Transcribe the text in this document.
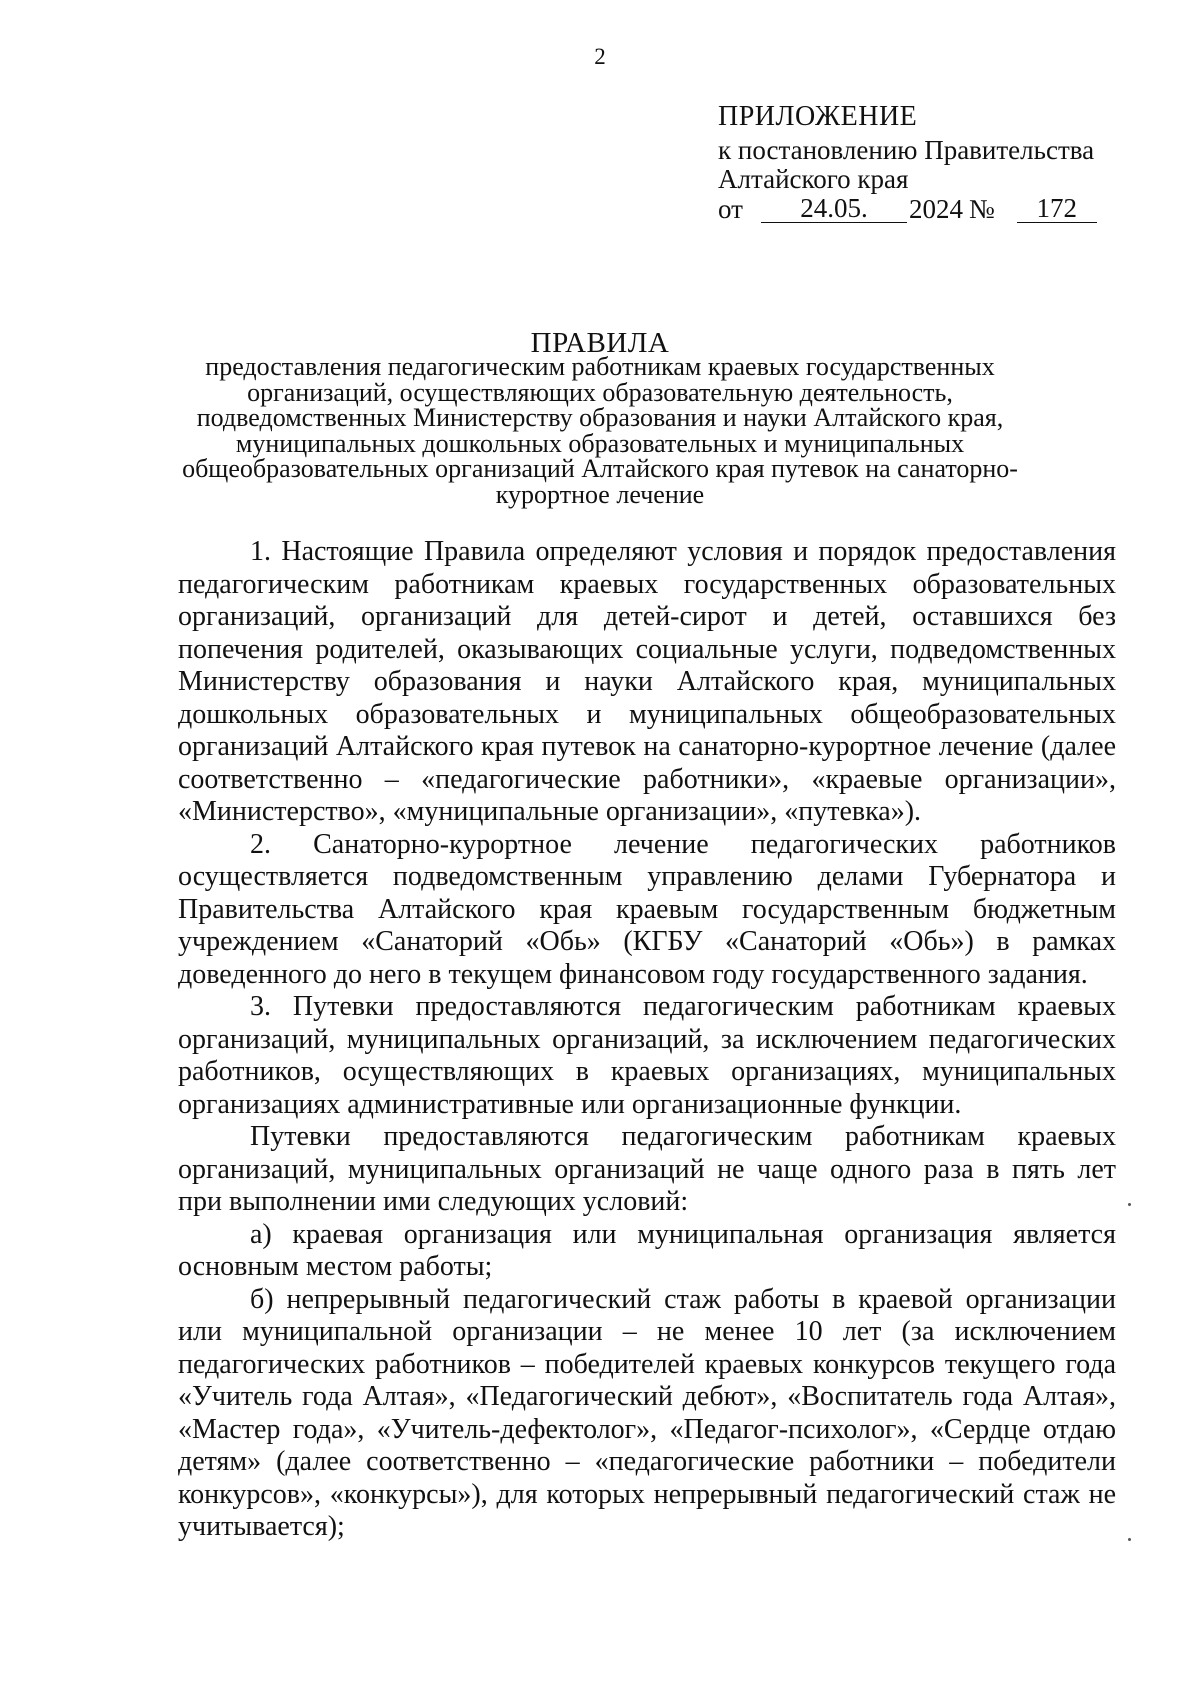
2
ПРИЛОЖЕНИЕ
к постановлению Правительства
Алтайского края
от	24.05.	2024 №	172
ПРАВИЛА
предоставления педагогическим работникам краевых государственных
организаций, осуществляющих образовательную деятельность,
подведомственных Министерству образования и науки Алтайского края,
муниципальных дошкольных образовательных и муниципальных
общеобразовательных организаций Алтайского края путевок на санаторно-
курортное лечение

1. Настоящие Правила определяют условия и порядок предоставления педагогическим работникам краевых государственных образовательных организаций, организаций для детей-сирот и детей, оставшихся без попечения родителей, оказывающих социальные услуги, подведомственных Министерству образования и науки Алтайского края, муниципальных дошкольных образовательных и муниципальных общеобразовательных организаций Алтайского края путевок на санаторно-курортное лечение (далее соответственно – «педагогические работники», «краевые организации», «Министерство», «муниципальные организации», «путевка»).

2. Санаторно-курортное лечение педагогических работников осуществляется подведомственным управлению делами Губернатора и Правительства Алтайского края краевым государственным бюджетным учреждением «Санаторий «Обь» (КГБУ «Санаторий «Обь») в рамках доведенного до него в текущем финансовом году государственного задания.

3. Путевки предоставляются педагогическим работникам краевых организаций, муниципальных организаций, за исключением педагогических работников, осуществляющих в краевых организациях, муниципальных организациях административные или организационные функции.

Путевки предоставляются педагогическим работникам краевых организаций, муниципальных организаций не чаще одного раза в пять лет при выполнении ими следующих условий:

а) краевая организация или муниципальная организация является основным местом работы;

б) непрерывный педагогический стаж работы в краевой организации или муниципальной организации – не менее 10 лет (за исключением педагогических работников – победителей краевых конкурсов текущего года «Учитель года Алтая», «Педагогический дебют», «Воспитатель года Алтая», «Мастер года», «Учитель-дефектолог», «Педагог-психолог», «Сердце отдаю детям» (далее соответственно – «педагогические работники – победители конкурсов», «конкурсы»), для которых непрерывный педагогический стаж не учитывается);
